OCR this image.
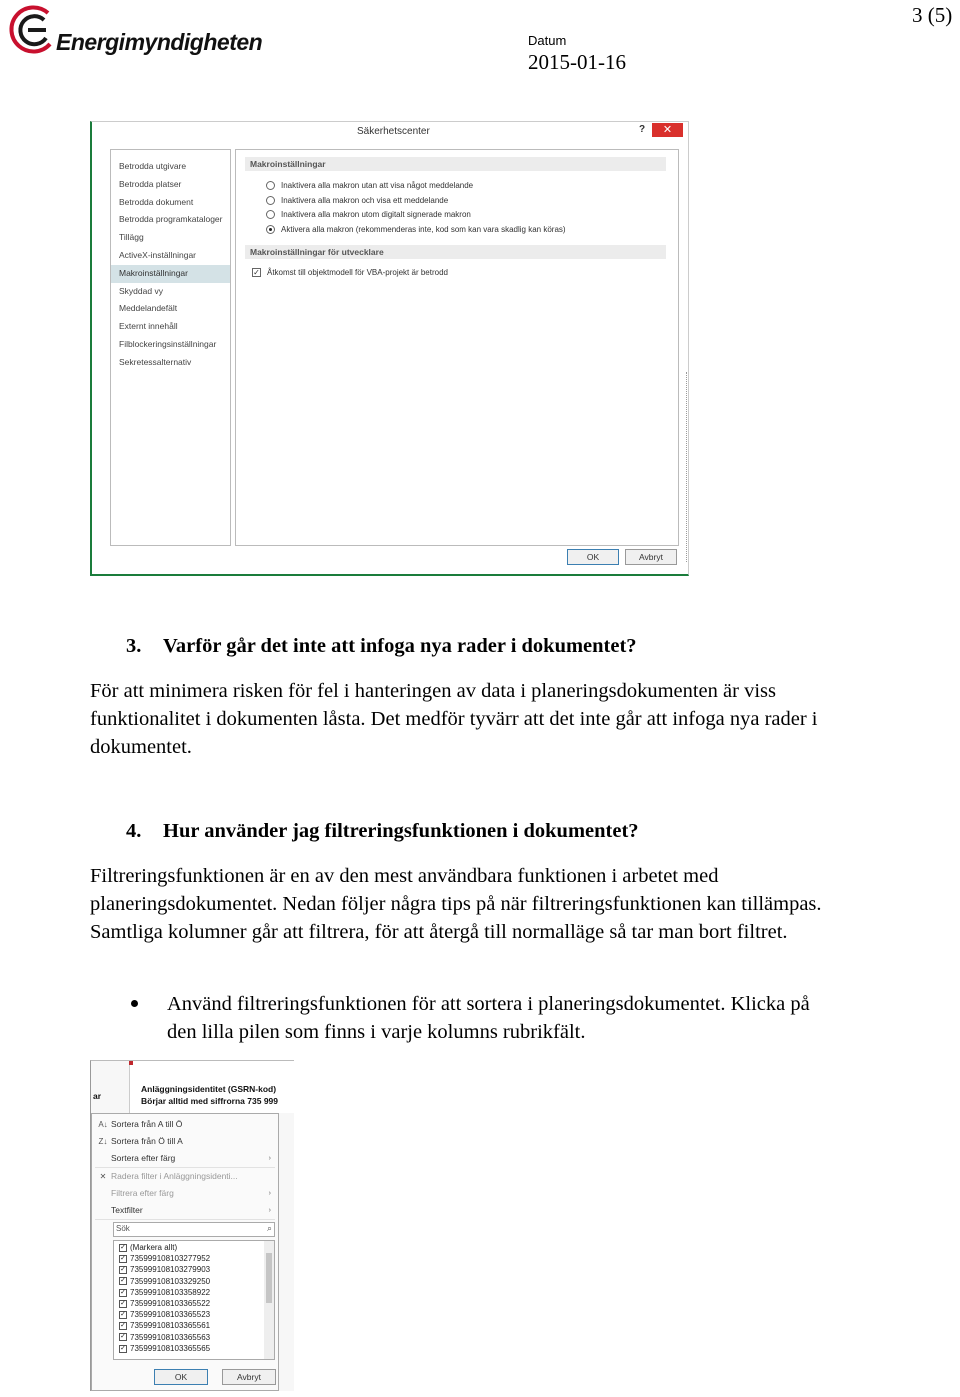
Energimyndigheten
3 (5)
Datum
2015-01-16
Säkerhetscenter	?	✕
Betrodda utgivare
Betrodda platser
Betrodda dokument
Betrodda programkataloger
Tillägg
ActiveX-inställningar
Makroinställningar
Skyddad vy
Meddelandefält
Externt innehåll
Filblockeringsinställningar
Sekretessalternativ
Makroinställningar
Inaktivera alla makron utan att visa något meddelande
Inaktivera alla makron och visa ett meddelande
Inaktivera alla makron utom digitalt signerade makron
Aktivera alla makron (rekommenderas inte, kod som kan vara skadlig kan köras)
Makroinställningar för utvecklare
✓ Åtkomst till objektmodell för VBA-projekt är betrodd
OK	Avbryt
3. Varför går det inte att infoga nya rader i dokumentet?
För att minimera risken för fel i hanteringen av data i planeringsdokumenten är viss funktionalitet i dokumenten låsta. Det medför tyvärr att det inte går att infoga nya rader i dokumentet.
4. Hur använder jag filtreringsfunktionen i dokumentet?
Filtreringsfunktionen är en av den mest användbara funktionen i arbetet med planeringsdokumentet. Nedan följer några tips på när filtreringsfunktionen kan tillämpas. Samtliga kolumner går att filtrera, för att återgå till normalläge så tar man bort filtret.
Använd filtreringsfunktionen för att sortera i planeringsdokumentet. Klicka på den lilla pilen som finns i varje kolumns rubrikfält.
Anläggningsidentitet (GSRN-kod)
Börjar alltid med siffrorna 735 999
ar
A↓ Sortera från A till Ö
Z↓ Sortera från Ö till A
Sortera efter färg	›
✕ Radera filter i Anläggningsidenti...
Filtrera efter färg	›
Textfilter	›
Sök	⌕
✓ (Markera allt)
✓ 735999108103277952
✓ 735999108103279903
✓ 735999108103329250
✓ 735999108103358922
✓ 735999108103365522
✓ 735999108103365523
✓ 735999108103365561
✓ 735999108103365563
✓ 735999108103365565
OK	Avbryt
